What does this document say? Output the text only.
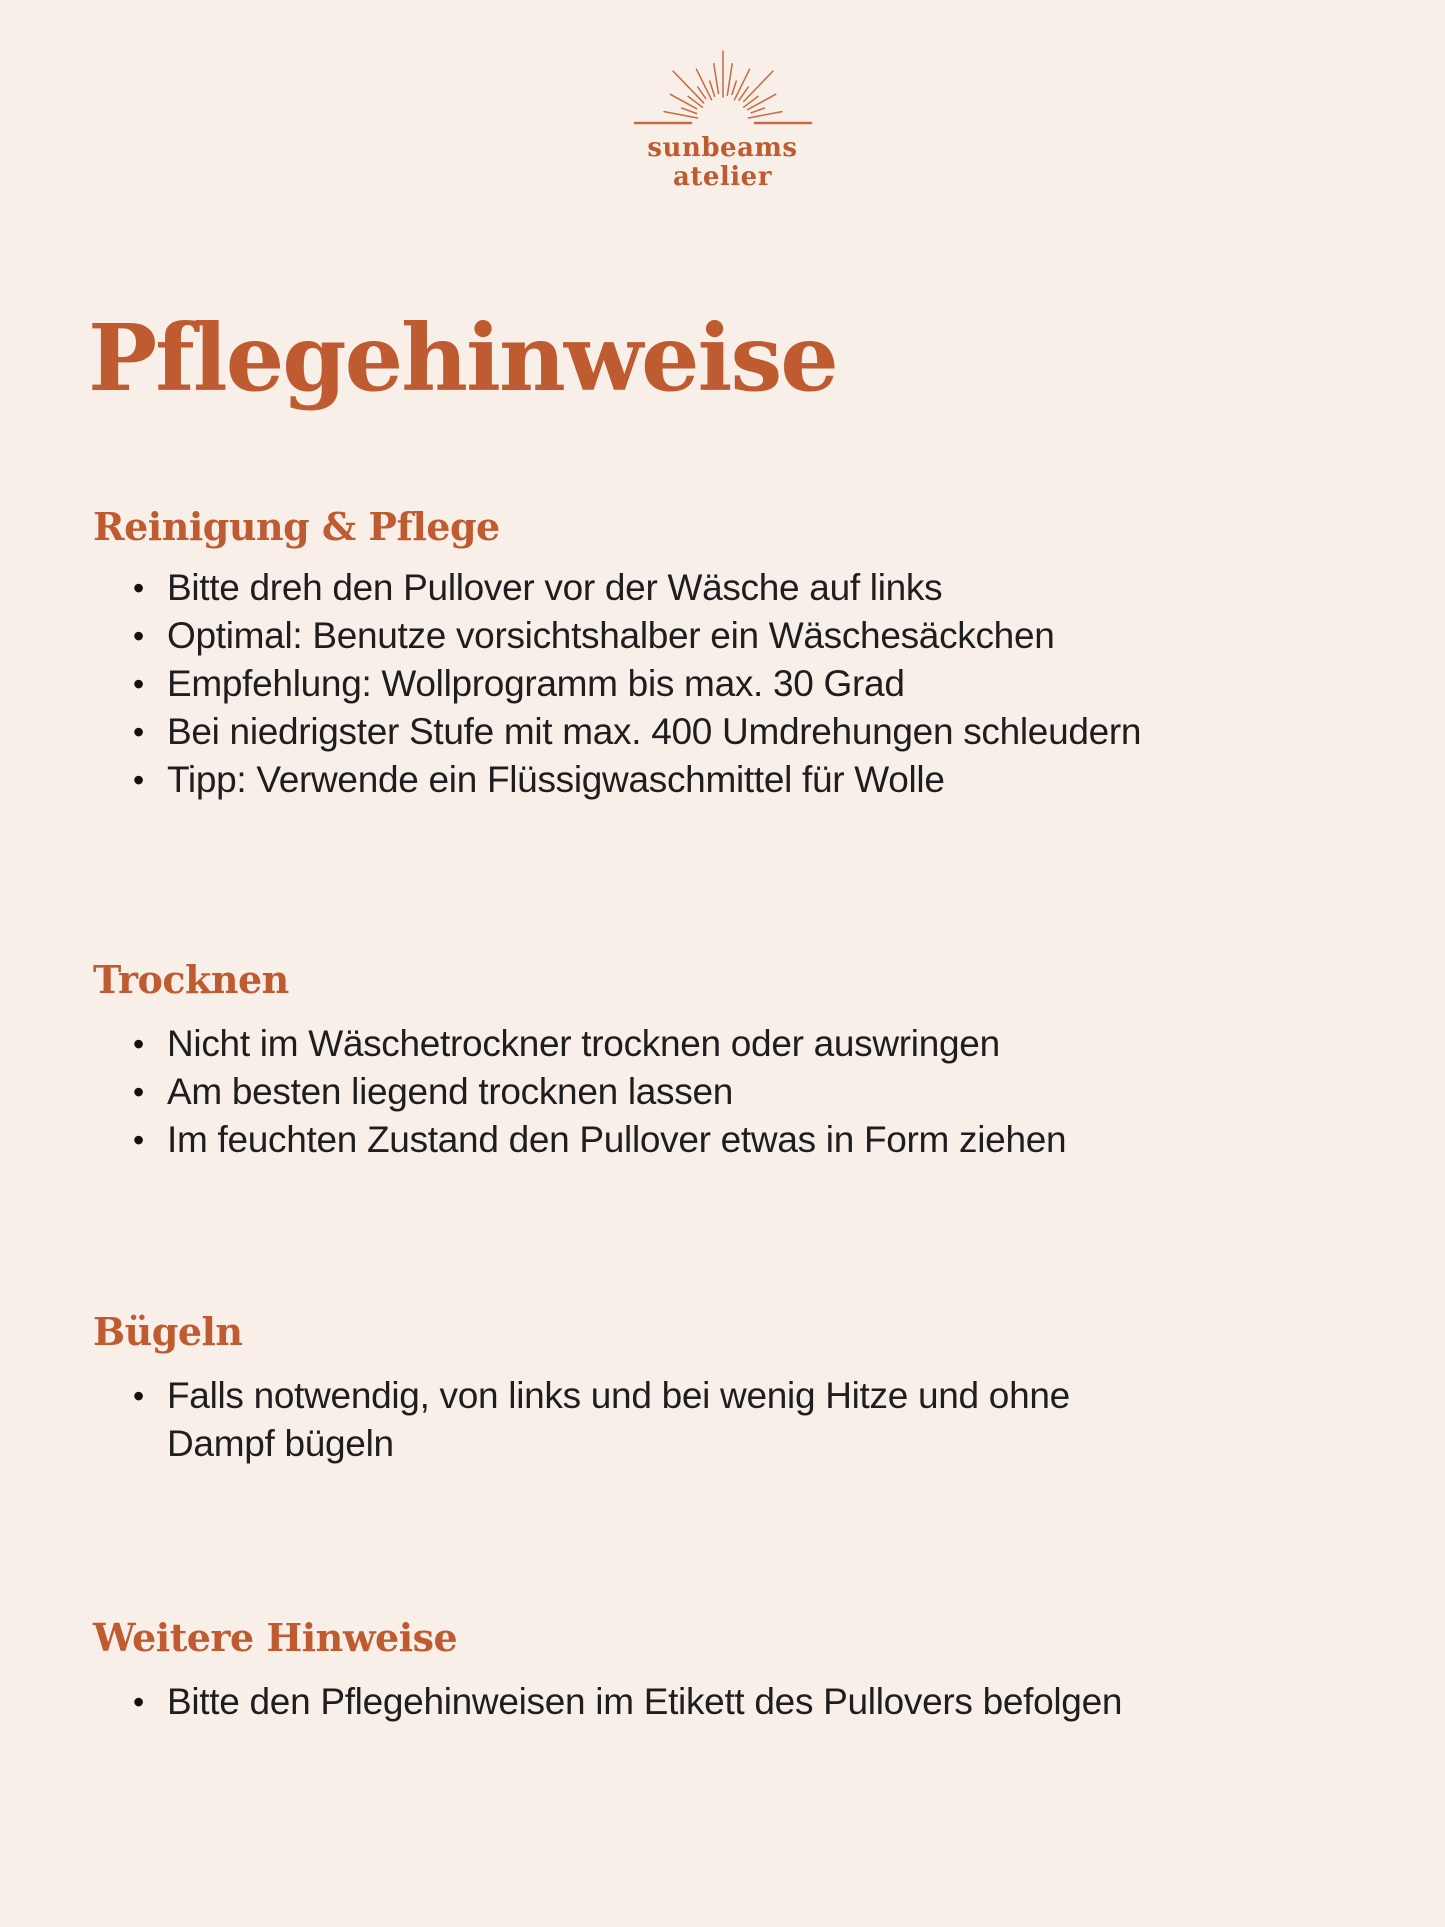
sunbeams
atelier
Pflegehinweise
Reinigung & Pflege
• Bitte dreh den Pullover vor der Wäsche auf links
• Optimal: Benutze vorsichtshalber ein Wäschesäckchen
• Empfehlung: Wollprogramm bis max. 30 Grad
• Bei niedrigster Stufe mit max. 400 Umdrehungen schleudern
• Tipp: Verwende ein Flüssigwaschmittel für Wolle
Trocknen
• Nicht im Wäschetrockner trocknen oder auswringen
• Am besten liegend trocknen lassen
• Im feuchten Zustand den Pullover etwas in Form ziehen
Bügeln
• Falls notwendig, von links und bei wenig Hitze und ohne Dampf bügeln
Weitere Hinweise
• Bitte den Pflegehinweisen im Etikett des Pullovers befolgen
